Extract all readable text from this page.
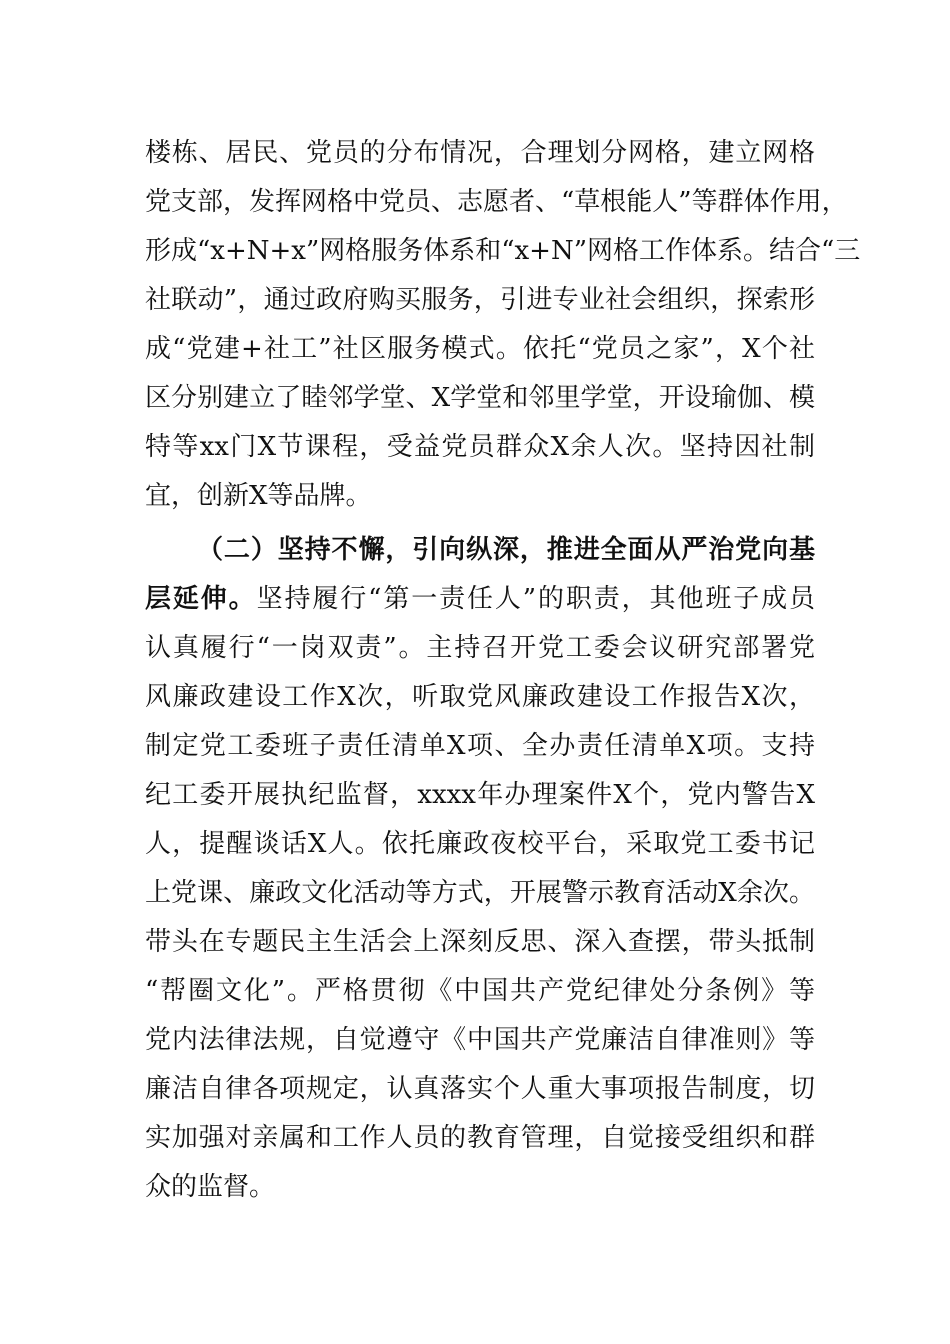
楼栋、居民、党员的分布情况，合理划分网格，建立网格
党支部，发挥网格中党员、志愿者、“草根能人”等群体作用，
形成“x+N+x”网格服务体系和“x+N”网格工作体系。结合“三
社联动”，通过政府购买服务，引进专业社会组织，探索形
成“党建+社工”社区服务模式。依托“党员之家”，X个社
区分别建立了睦邻学堂、X学堂和邻里学堂，开设瑜伽、模
特等xx门X节课程，受益党员群众X余人次。坚持因社制
宜，创新X等品牌。
（二）坚持不懈，引向纵深，推进全面从严治党向基
层延伸。坚持履行“第一责任人”的职责，其他班子成员
认真履行“一岗双责”。主持召开党工委会议研究部署党
风廉政建设工作X次，听取党风廉政建设工作报告X次，
制定党工委班子责任清单X项、全办责任清单X项。支持
纪工委开展执纪监督，xxxx年办理案件X个，党内警告X
人，提醒谈话X人。依托廉政夜校平台，采取党工委书记
上党课、廉政文化活动等方式，开展警示教育活动X余次。
带头在专题民主生活会上深刻反思、深入查摆，带头抵制
“帮圈文化”。严格贯彻《中国共产党纪律处分条例》等
党内法律法规，自觉遵守《中国共产党廉洁自律准则》等
廉洁自律各项规定，认真落实个人重大事项报告制度，切
实加强对亲属和工作人员的教育管理，自觉接受组织和群
众的监督。
